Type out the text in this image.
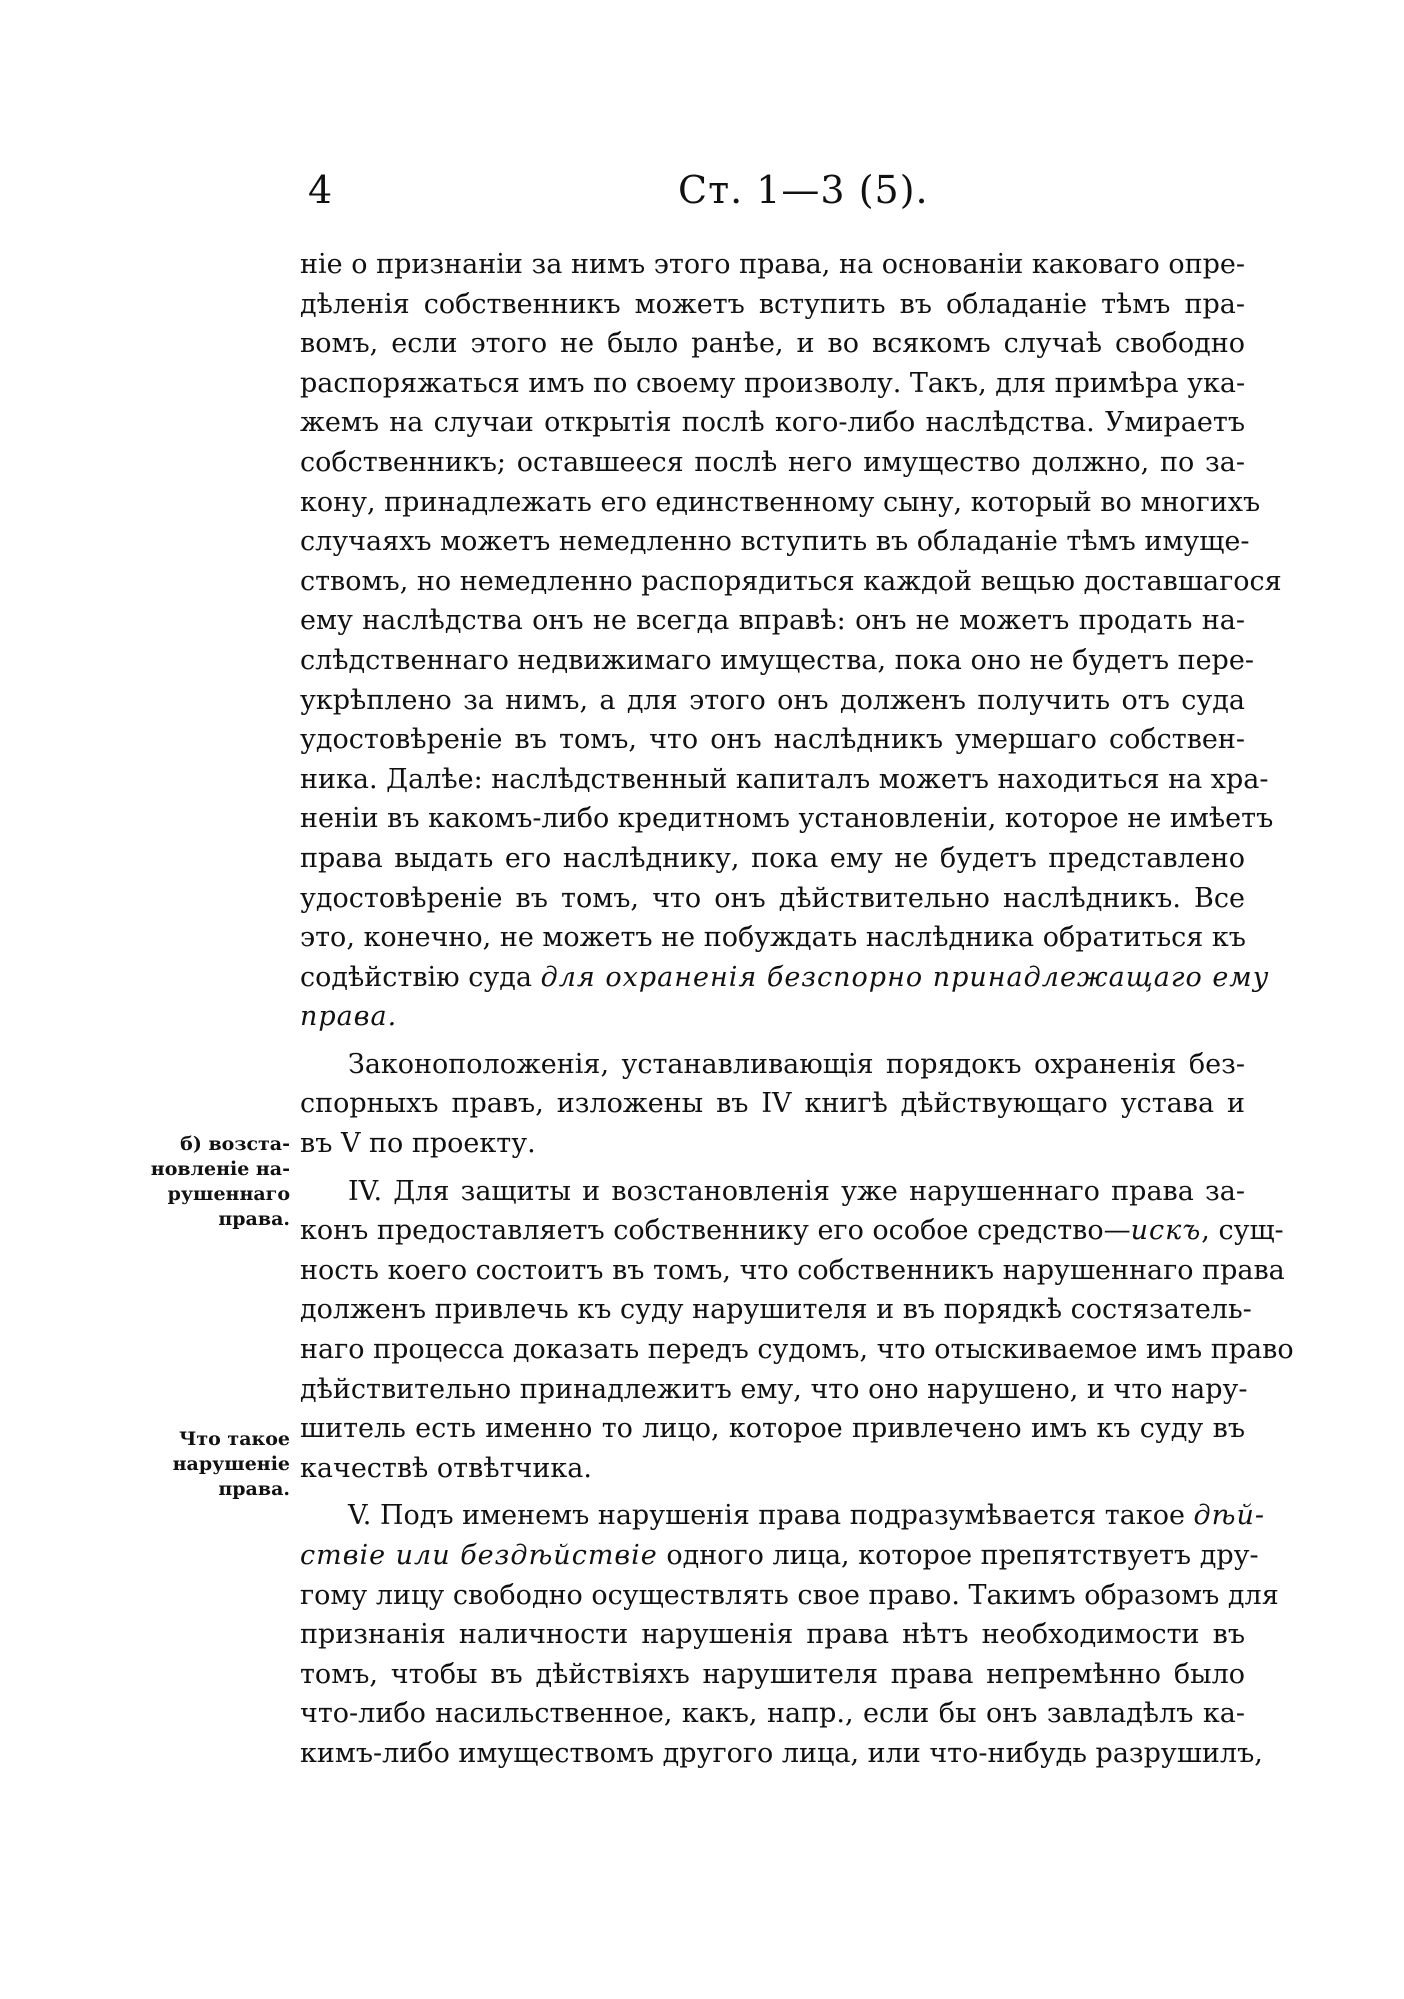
4	Ст. 1—3 (5).
б) возста-
новленіе на-
рушеннаго
права.
Что такое
нарушеніе
права.
ніе о признаніи за нимъ этого права, на основаніи каковаго опре-
дѣленія собственникъ можетъ вступить въ обладаніе тѣмъ пра-
вомъ, если этого не было ранѣе, и во всякомъ случаѣ свободно
распоряжаться имъ по своему произволу. Такъ, для примѣра ука-
жемъ на случаи открытія послѣ кого-либо наслѣдства. Умираетъ
собственникъ; оставшееся послѣ него имущество должно, по за-
кону, принадлежать его единственному сыну, который во многихъ
случаяхъ можетъ немедленно вступить въ обладаніе тѣмъ имуще-
ствомъ, но немедленно распорядиться каждой вещью доставшагося
ему наслѣдства онъ не всегда вправѣ: онъ не можетъ продать на-
слѣдственнаго недвижимаго имущества, пока оно не будетъ пере-
укрѣплено за нимъ, а для этого онъ долженъ получить отъ суда
удостовѣреніе въ томъ, что онъ наслѣдникъ умершаго собствен-
ника. Далѣе: наслѣдственный капиталъ можетъ находиться на хра-
неніи въ какомъ-либо кредитномъ установленіи, которое не имѣетъ
права выдать его наслѣднику, пока ему не будетъ представлено
удостовѣреніе въ томъ, что онъ дѣйствительно наслѣдникъ. Все
это, конечно, не можетъ не побуждать наслѣдника обратиться къ
содѣйствію суда для охраненія безспорно принадлежащаго ему
права.
Законоположенія, устанавливающія порядокъ охраненія без-
спорныхъ правъ, изложены въ IV книгѣ дѣйствующаго устава и
въ V по проекту.
IV. Для защиты и возстановленія уже нарушеннаго права за-
конъ предоставляетъ собственнику его особое средство—искъ, сущ-
ность коего состоитъ въ томъ, что собственникъ нарушеннаго права
долженъ привлечь къ суду нарушителя и въ порядкѣ состязатель-
наго процесса доказать передъ судомъ, что отыскиваемое имъ право
дѣйствительно принадлежитъ ему, что оно нарушено, и что нару-
шитель есть именно то лицо, которое привлечено имъ къ суду въ
качествѣ отвѣтчика.
V. Подъ именемъ нарушенія права подразумѣвается такое дѣй-
ствіе или бездѣйствіе одного лица, которое препятствуетъ дру-
гому лицу свободно осуществлять свое право. Такимъ образомъ для
признанія наличности нарушенія права нѣтъ необходимости въ
томъ, чтобы въ дѣйствіяхъ нарушителя права непремѣнно было
что-либо насильственное, какъ, напр., если бы онъ завладѣлъ ка-
кимъ-либо имуществомъ другого лица, или что-нибудь разрушилъ,
